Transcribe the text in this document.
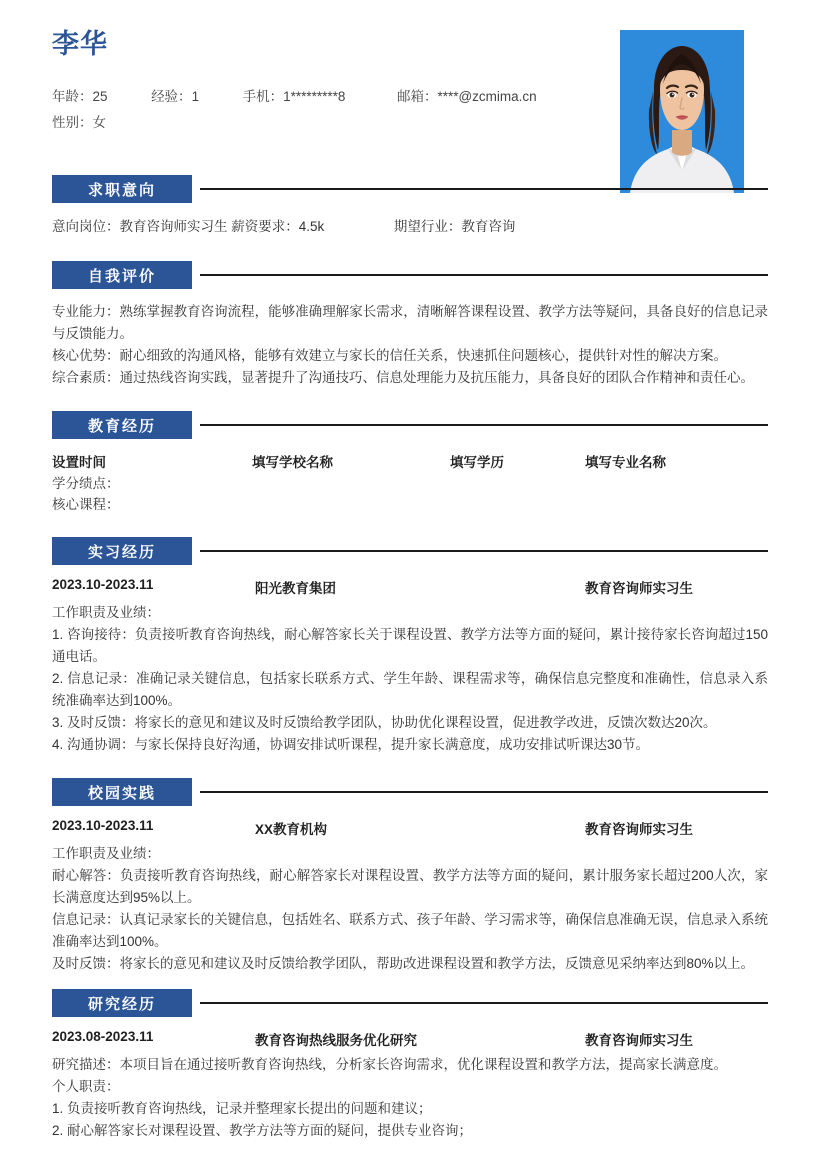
李华
年龄：25	经验：1	手机：1*********8	邮箱：****@zcmima.cn
性别：女
求职意向
意向岗位：教育咨询师实习生 薪资要求：4.5k	期望行业：教育咨询
自我评价

专业能力：熟练掌握教育咨询流程，能够准确理解家长需求，清晰解答课程设置、教学方法等疑问，具备良好的信息记录与反馈能力。

核心优势：耐心细致的沟通风格，能够有效建立与家长的信任关系，快速抓住问题核心，提供针对性的解决方案。

综合素质：通过热线咨询实践，显著提升了沟通技巧、信息处理能力及抗压能力，具备良好的团队合作精神和责任心。

教育经历
设置时间	填写学校名称	填写学历	填写专业名称
学分绩点：
核心课程：
实习经历
2023.10-2023.11	阳光教育集团	教育咨询师实习生

工作职责及业绩：

1. 咨询接待：负责接听教育咨询热线，耐心解答家长关于课程设置、教学方法等方面的疑问，累计接待家长咨询超过150通电话。

2. 信息记录：准确记录关键信息，包括家长联系方式、学生年龄、课程需求等，确保信息完整度和准确性，信息录入系统准确率达到100%。

3. 及时反馈：将家长的意见和建议及时反馈给教学团队，协助优化课程设置，促进教学改进，反馈次数达20次。

4. 沟通协调：与家长保持良好沟通，协调安排试听课程，提升家长满意度，成功安排试听课达30节。

校园实践
2023.10-2023.11	XX教育机构	教育咨询师实习生

工作职责及业绩：

耐心解答：负责接听教育咨询热线，耐心解答家长对课程设置、教学方法等方面的疑问，累计服务家长超过200人次，家长满意度达到95%以上。

信息记录：认真记录家长的关键信息，包括姓名、联系方式、孩子年龄、学习需求等，确保信息准确无误，信息录入系统准确率达到100%。

及时反馈：将家长的意见和建议及时反馈给教学团队，帮助改进课程设置和教学方法，反馈意见采纳率达到80%以上。

研究经历
2023.08-2023.11	教育咨询热线服务优化研究	教育咨询师实习生

研究描述：本项目旨在通过接听教育咨询热线，分析家长咨询需求，优化课程设置和教学方法，提高家长满意度。

个人职责：

1. 负责接听教育咨询热线，记录并整理家长提出的问题和建议；

2. 耐心解答家长对课程设置、教学方法等方面的疑问，提供专业咨询；
